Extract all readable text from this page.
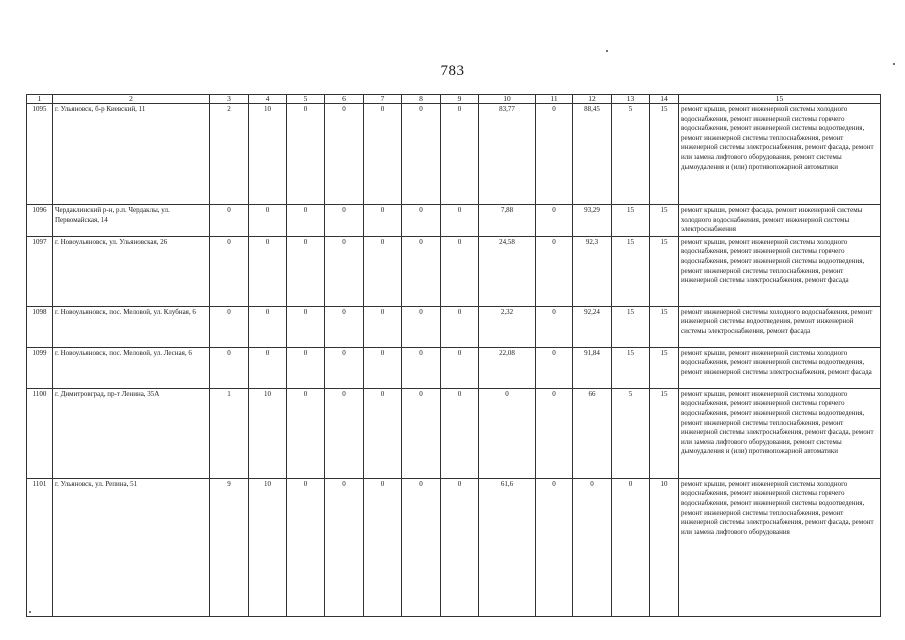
783
1	2	3	4	5	6	7	8	9	10	11	12	13	14	15
1095	г. Ульяновск, б-р Киевский, 11	2	10	0	0	0	0	0	83,77	0	88,45	5	15	ремонт крыши, ремонт инженерной системы холодного водоснабжения, ремонт инженерной системы горячего водоснабжения, ремонт инженерной системы водоотведения, ремонт инженерной системы теплоснабжения, ремонт инженерной системы электроснабжения, ремонт фасада, ремонт или замена лифтового оборудования, ремонт системы дымоудаления и (или) противопожарной автоматики
1096	Чердаклинский р-н, р.п. Чердаклы, ул. Первомайская, 14	0	0	0	0	0	0	0	7,88	0	93,29	15	15	ремонт крыши, ремонт фасада, ремонт инженерной системы холодного водоснабжения, ремонт инженерной системы электроснабжения
1097	г. Новоульяновск, ул. Ульяновская, 26	0	0	0	0	0	0	0	24,58	0	92,3	15	15	ремонт крыши, ремонт инженерной системы холодного водоснабжения, ремонт инженерной системы горячего водоснабжения, ремонт инженерной системы водоотведения, ремонт инженерной системы теплоснабжения, ремонт инженерной системы электроснабжения, ремонт фасада
1098	г. Новоульяновск, пос. Меловой, ул. Клубная, 6	0	0	0	0	0	0	0	2,32	0	92,24	15	15	ремонт инженерной системы холодного водоснабжения, ремонт инженерной системы водоотведения, ремонт инженерной системы электроснабжения, ремонт фасада
1099	г. Новоульяновск, пос. Меловой, ул. Лесная, 6	0	0	0	0	0	0	0	22,08	0	91,84	15	15	ремонт крыши, ремонт инженерной системы холодного водоснабжения, ремонт инженерной системы водоотведения, ремонт инженерной системы электроснабжения, ремонт фасада
1100	г. Димитровград, пр-т Ленина, 35А	1	10	0	0	0	0	0	0	0	66	5	15	ремонт крыши, ремонт инженерной системы холодного водоснабжения, ремонт инженерной системы горячего водоснабжения, ремонт инженерной системы водоотведения, ремонт инженерной системы теплоснабжения, ремонт инженерной системы электроснабжения, ремонт фасада, ремонт или замена лифтового оборудования, ремонт системы дымоудаления и (или) противопожарной автоматики
1101	г. Ульяновск, ул. Репина, 51	9	10	0	0	0	0	0	61,6	0	0	0	10	ремонт крыши, ремонт инженерной системы холодного водоснабжения, ремонт инженерной системы горячего водоснабжения, ремонт инженерной системы водоотведения, ремонт инженерной системы теплоснабжения, ремонт инженерной системы электроснабжения, ремонт фасада, ремонт или замена лифтового оборудования
